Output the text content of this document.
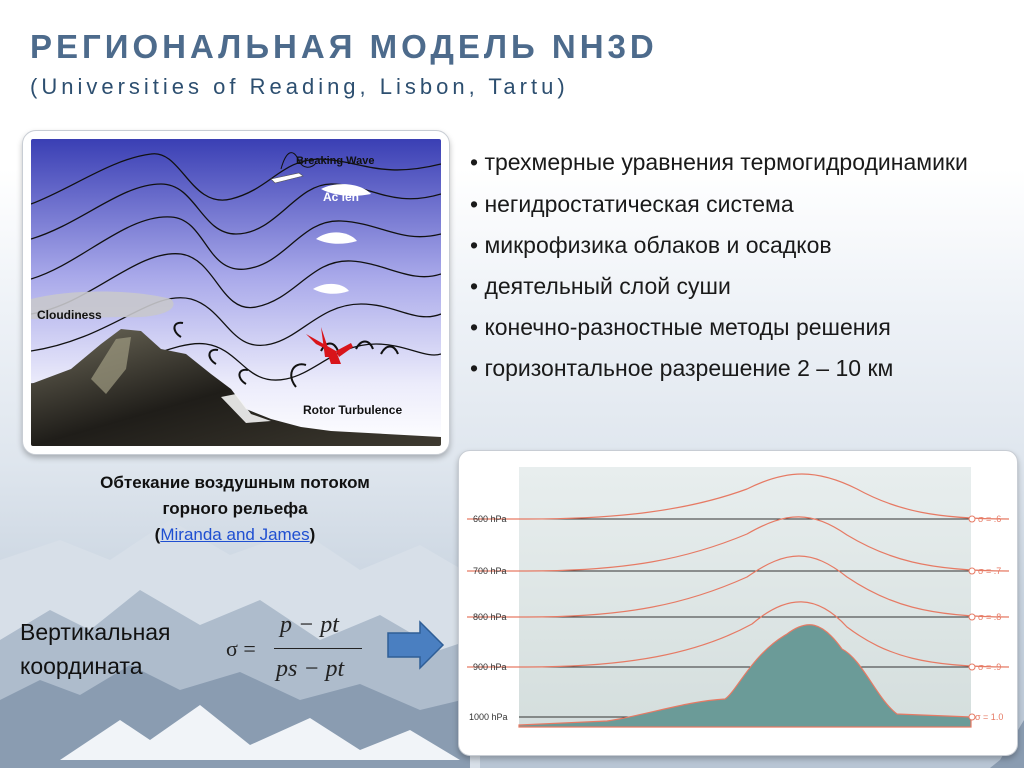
РЕГИОНАЛЬНАЯ МОДЕЛЬ NH3D
(Universities of Reading, Lisbon, Tartu)
Breaking Wave
Ac len
Cloudiness
Rotor Turbulence
Обтекание воздушным потоком
горного рельефа
(Miranda and James)
• трехмерные уравнения термогидродинамики
• негидростатическая система
• микрофизика облаков и осадков
• деятельный слой суши
• конечно-разностные методы решения
• горизонтальное разрешение 2 – 10 км
Вертикальная
координата
σ =
p − pt
ps − pt
600 hPa
700 hPa
800 hPa
900 hPa
1000 hPa
σ = .6
σ = .7
σ = .8
σ = .9
σ = 1.0
